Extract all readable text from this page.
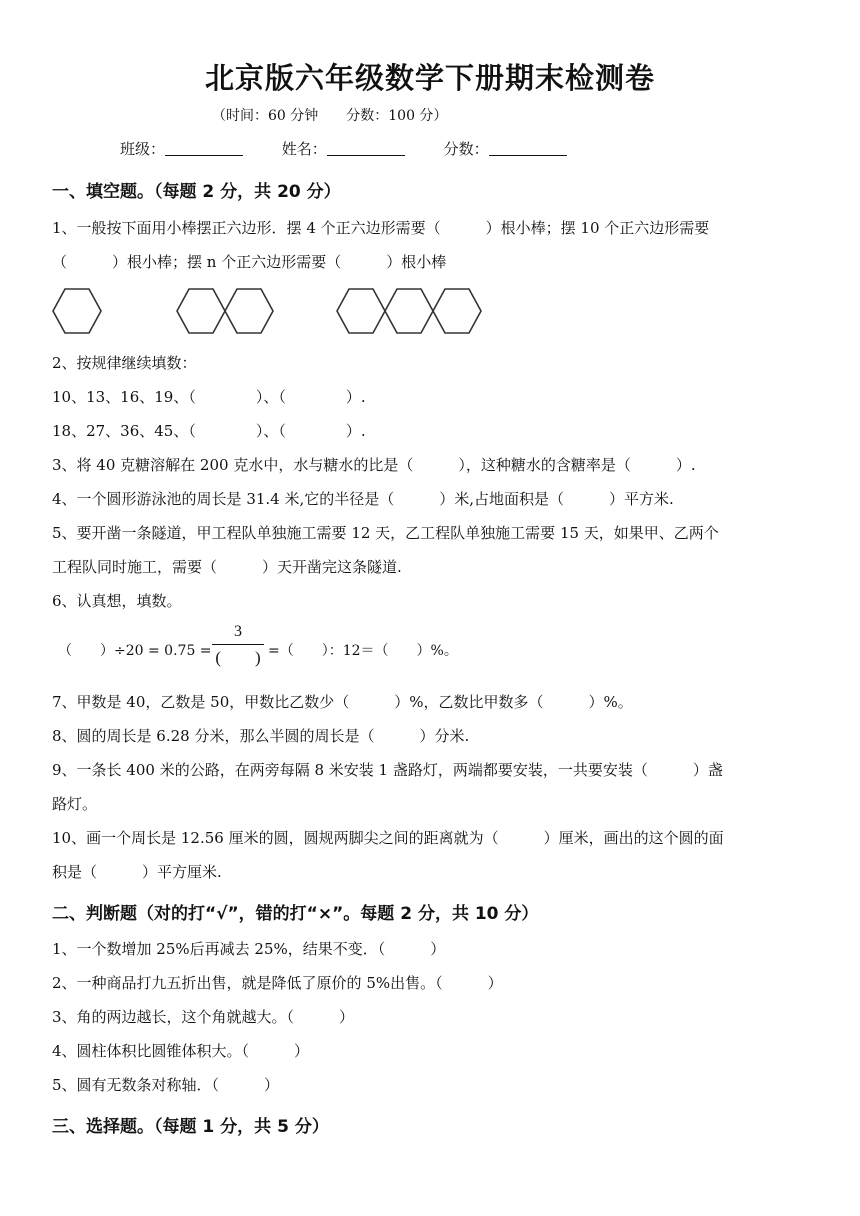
北京版六年级数学下册期末检测卷
（时间：60 分钟 分数：100 分）
班级：	姓名：	分数：
一、填空题。（每题 2 分，共 20 分）
1、一般按下面用小棒摆正六边形．摆 4 个正六边形需要（　　　）根小棒；摆 10 个正六边形需要
（　　　）根小棒；摆 n 个正六边形需要（　　　）根小棒
2、按规律继续填数：
10、13、16、19、（　　　　）、（　　　　）.
18、27、36、45、（　　　　）、（　　　　）.
3、将 40 克糖溶解在 200 克水中，水与糖水的比是（　　　），这种糖水的含糖率是（　　　）.
4、一个圆形游泳池的周长是 31.4 米,它的半径是（　　　）米,占地面积是（　　　）平方米.
5、要开凿一条隧道，甲工程队单独施工需要 12 天，乙工程队单独施工需要 15 天，如果甲、乙两个
工程队同时施工，需要（　　　）天开凿完这条隧道.
6、认真想，填数。
（　　）÷20 = 0.75 =
3
(　　) =（　　）：12＝（　　）%。
7、甲数是 40，乙数是 50，甲数比乙数少（　　　）%，乙数比甲数多（　　　）%。
8、圆的周长是 6.28 分米，那么半圆的周长是（　　　）分米.
9、一条长 400 米的公路，在两旁每隔 8 米安装 1 盏路灯，两端都要安装，一共要安装（　　　）盏
路灯。
10、画一个周长是 12.56 厘米的圆，圆规两脚尖之间的距离就为（　　　）厘米，画出的这个圆的面
积是（　　　）平方厘米.
二、判断题（对的打“√”，错的打“×”。每题 2 分，共 10 分）
1、一个数增加 25%后再减去 25%，结果不变．（　　　）
2、一种商品打九五折出售，就是降低了原价的 5%出售。（　　　）
3、角的两边越长，这个角就越大。（　　　）
4、圆柱体积比圆锥体积大。（　　　）
5、圆有无数条对称轴．（　　　）
三、选择题。（每题 1 分，共 5 分）
